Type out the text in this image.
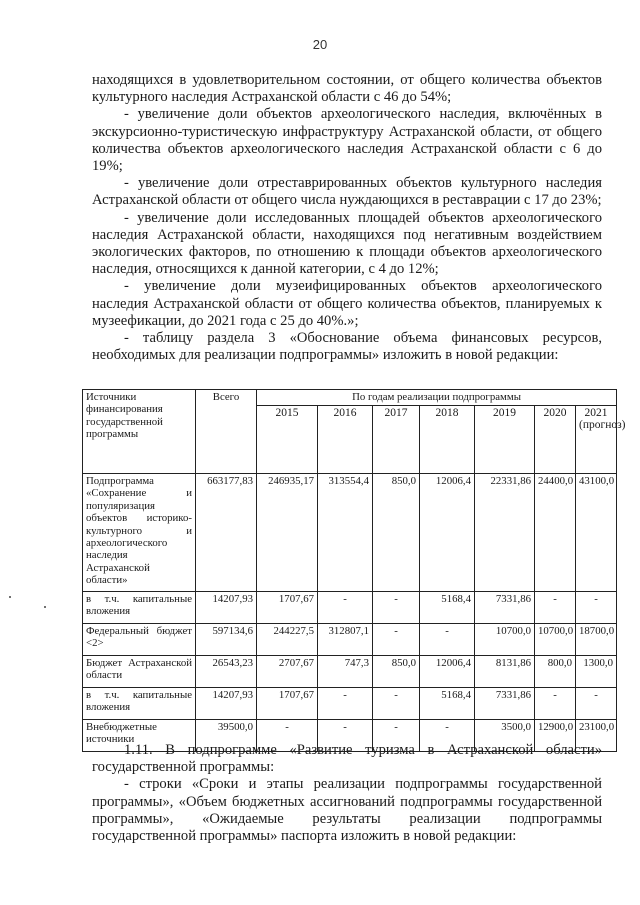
20

находящихся в удовлетворительном состоянии, от общего количества объектов культурного наследия Астраханской области с 46 до 54%;

- увеличение доли объектов археологического наследия, включённых в экскурсионно-туристическую инфраструктуру Астраханской области, от общего количества объектов археологического наследия Астраханской области с 6 до 19%;

- увеличение доли отреставрированных объектов культурного наследия Астраханской области от общего числа нуждающихся в реставрации с 17 до 23%;

- увеличение доли исследованных площадей объектов археологического наследия Астраханской области, находящихся под негативным воздействием экологических факторов, по отношению к площади объектов археологического наследия, относящихся к данной категории, с 4 до 12%;

- увеличение доли музеифицированных объектов археологического наследия Астраханской области от общего количества объектов, планируемых к музеефикации, до 2021 года с 25 до 40%.»;

- таблицу раздела 3 «Обоснование объема финансовых ресурсов, необходимых для реализации подпрограммы» изложить в новой редакции:

Источники финансирования государственной программы	Всего	По годам реализации подпрограммы						
		2015	2016	2017	2018	2019	2020	2021 (прогноз)
Подпрограмма «Сохранение и популяризация объектов историко-культурного и археологического наследия Астраханской области»	663177,83	246935,17	313554,4	850,0	12006,4	22331,86	24400,0	43100,0
в т.ч. капитальные вложения	14207,93	1707,67	-	-	5168,4	7331,86	-	-
Федеральный бюджет <2>	597134,6	244227,5	312807,1	-	-	10700,0	10700,0	18700,0
Бюджет Астраханской области	26543,23	2707,67	747,3	850,0	12006,4	8131,86	800,0	1300,0
в т.ч. капитальные вложения	14207,93	1707,67	-	-	5168,4	7331,86	-	-
Внебюджетные источники	39500,0	-	-	-	-	3500,0	12900,0	23100,0

1.11. В подпрограмме «Развитие туризма в Астраханской области» государственной программы:

- строки «Сроки и этапы реализации подпрограммы государственной программы», «Объем бюджетных ассигнований подпрограммы государственной программы», «Ожидаемые результаты реализации подпрограммы государственной программы» паспорта изложить в новой редакции:
